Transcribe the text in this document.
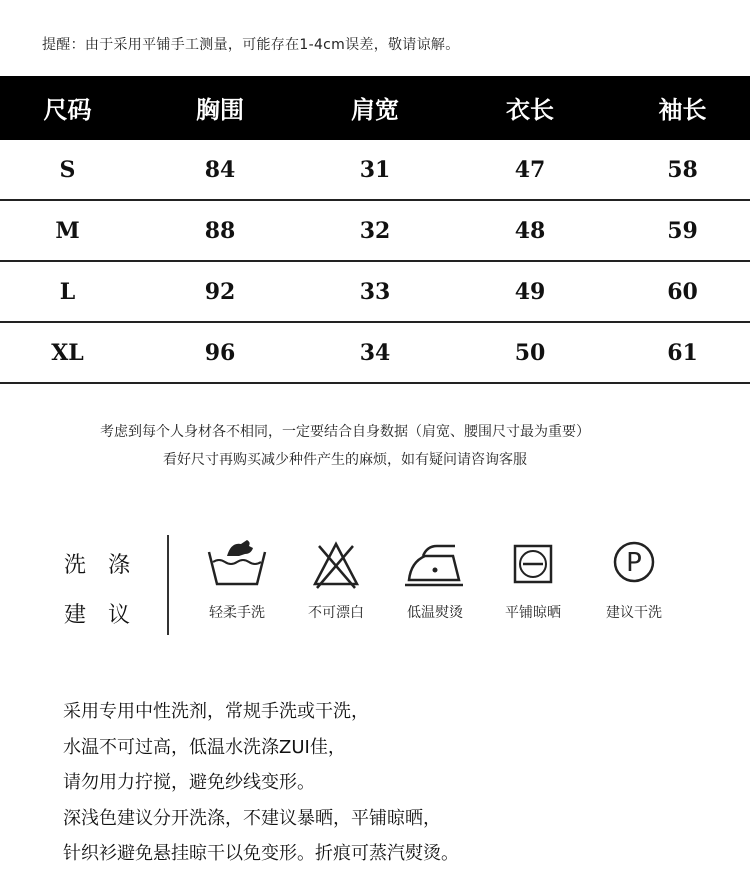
提醒：由于采用平铺手工测量，可能存在1-4cm误差，敬请谅解。
尺码	胸围	肩宽	衣长	袖长
S	84	31	47	58
M	88	32	48	59
L	92	33	49	60
XL	96	34	50	61
考虑到每个人身材各不相同，一定要结合自身数据（肩宽、腰围尺寸最为重要）
看好尺寸再购买减少种件产生的麻烦，如有疑问请咨询客服
洗涤
建议	轻柔手洗	不可漂白	低温熨烫	平铺晾晒
P
建议干洗
采用专用中性洗剂，常规手洗或干洗，
水温不可过高，低温水洗涤ZUI佳，
请勿用力拧搅，避免纱线变形。
深浅色建议分开洗涤，不建议暴晒，平铺晾晒，
针织衫避免悬挂晾干以免变形。折痕可蒸汽熨烫。
